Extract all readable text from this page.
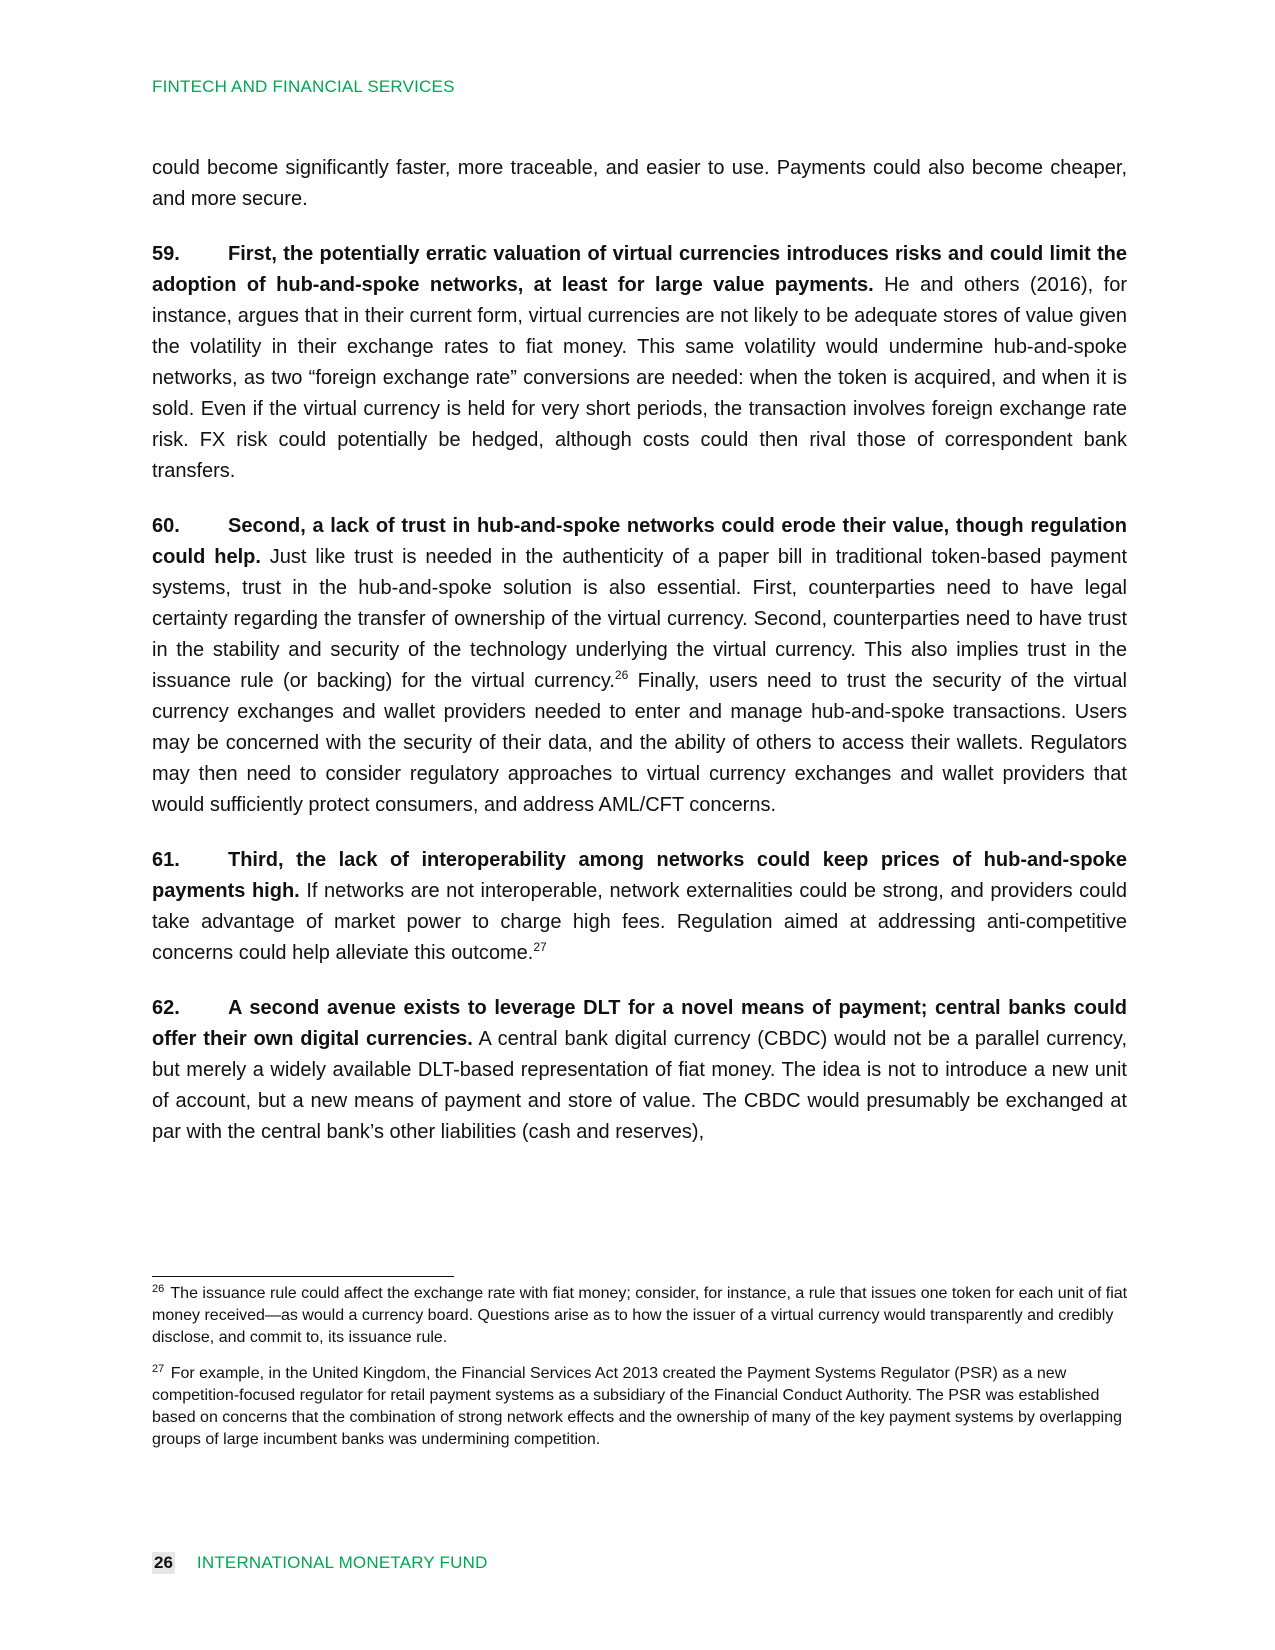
FINTECH AND FINANCIAL SERVICES

could become significantly faster, more traceable, and easier to use. Payments could also become cheaper, and more secure.

59. First, the potentially erratic valuation of virtual currencies introduces risks and could limit the adoption of hub-and-spoke networks, at least for large value payments. He and others (2016), for instance, argues that in their current form, virtual currencies are not likely to be adequate stores of value given the volatility in their exchange rates to fiat money. This same volatility would undermine hub-and-spoke networks, as two “foreign exchange rate” conversions are needed: when the token is acquired, and when it is sold. Even if the virtual currency is held for very short periods, the transaction involves foreign exchange rate risk. FX risk could potentially be hedged, although costs could then rival those of correspondent bank transfers.

60. Second, a lack of trust in hub-and-spoke networks could erode their value, though regulation could help. Just like trust is needed in the authenticity of a paper bill in traditional token-based payment systems, trust in the hub-and-spoke solution is also essential. First, counterparties need to have legal certainty regarding the transfer of ownership of the virtual currency. Second, counterparties need to have trust in the stability and security of the technology underlying the virtual currency. This also implies trust in the issuance rule (or backing) for the virtual currency.$^{26}$ Finally, users need to trust the security of the virtual currency exchanges and wallet providers needed to enter and manage hub-and-spoke transactions. Users may be concerned with the security of their data, and the ability of others to access their wallets. Regulators may then need to consider regulatory approaches to virtual currency exchanges and wallet providers that would sufficiently protect consumers, and address AML/CFT concerns.

61. Third, the lack of interoperability among networks could keep prices of hub-and-spoke payments high. If networks are not interoperable, network externalities could be strong, and providers could take advantage of market power to charge high fees. Regulation aimed at addressing anti-competitive concerns could help alleviate this outcome.$^{27}$

62. A second avenue exists to leverage DLT for a novel means of payment; central banks could offer their own digital currencies. A central bank digital currency (CBDC) would not be a parallel currency, but merely a widely available DLT-based representation of fiat money. The idea is not to introduce a new unit of account, but a new means of payment and store of value. The CBDC would presumably be exchanged at par with the central bank’s other liabilities (cash and reserves),

$^{26}$ The issuance rule could affect the exchange rate with fiat money; consider, for instance, a rule that issues one token for each unit of fiat money received—as would a currency board. Questions arise as to how the issuer of a virtual currency would transparently and credibly disclose, and commit to, its issuance rule.

$^{27}$ For example, in the United Kingdom, the Financial Services Act 2013 created the Payment Systems Regulator (PSR) as a new competition-focused regulator for retail payment systems as a subsidiary of the Financial Conduct Authority. The PSR was established based on concerns that the combination of strong network effects and the ownership of many of the key payment systems by overlapping groups of large incumbent banks was undermining competition.

26 INTERNATIONAL MONETARY FUND
